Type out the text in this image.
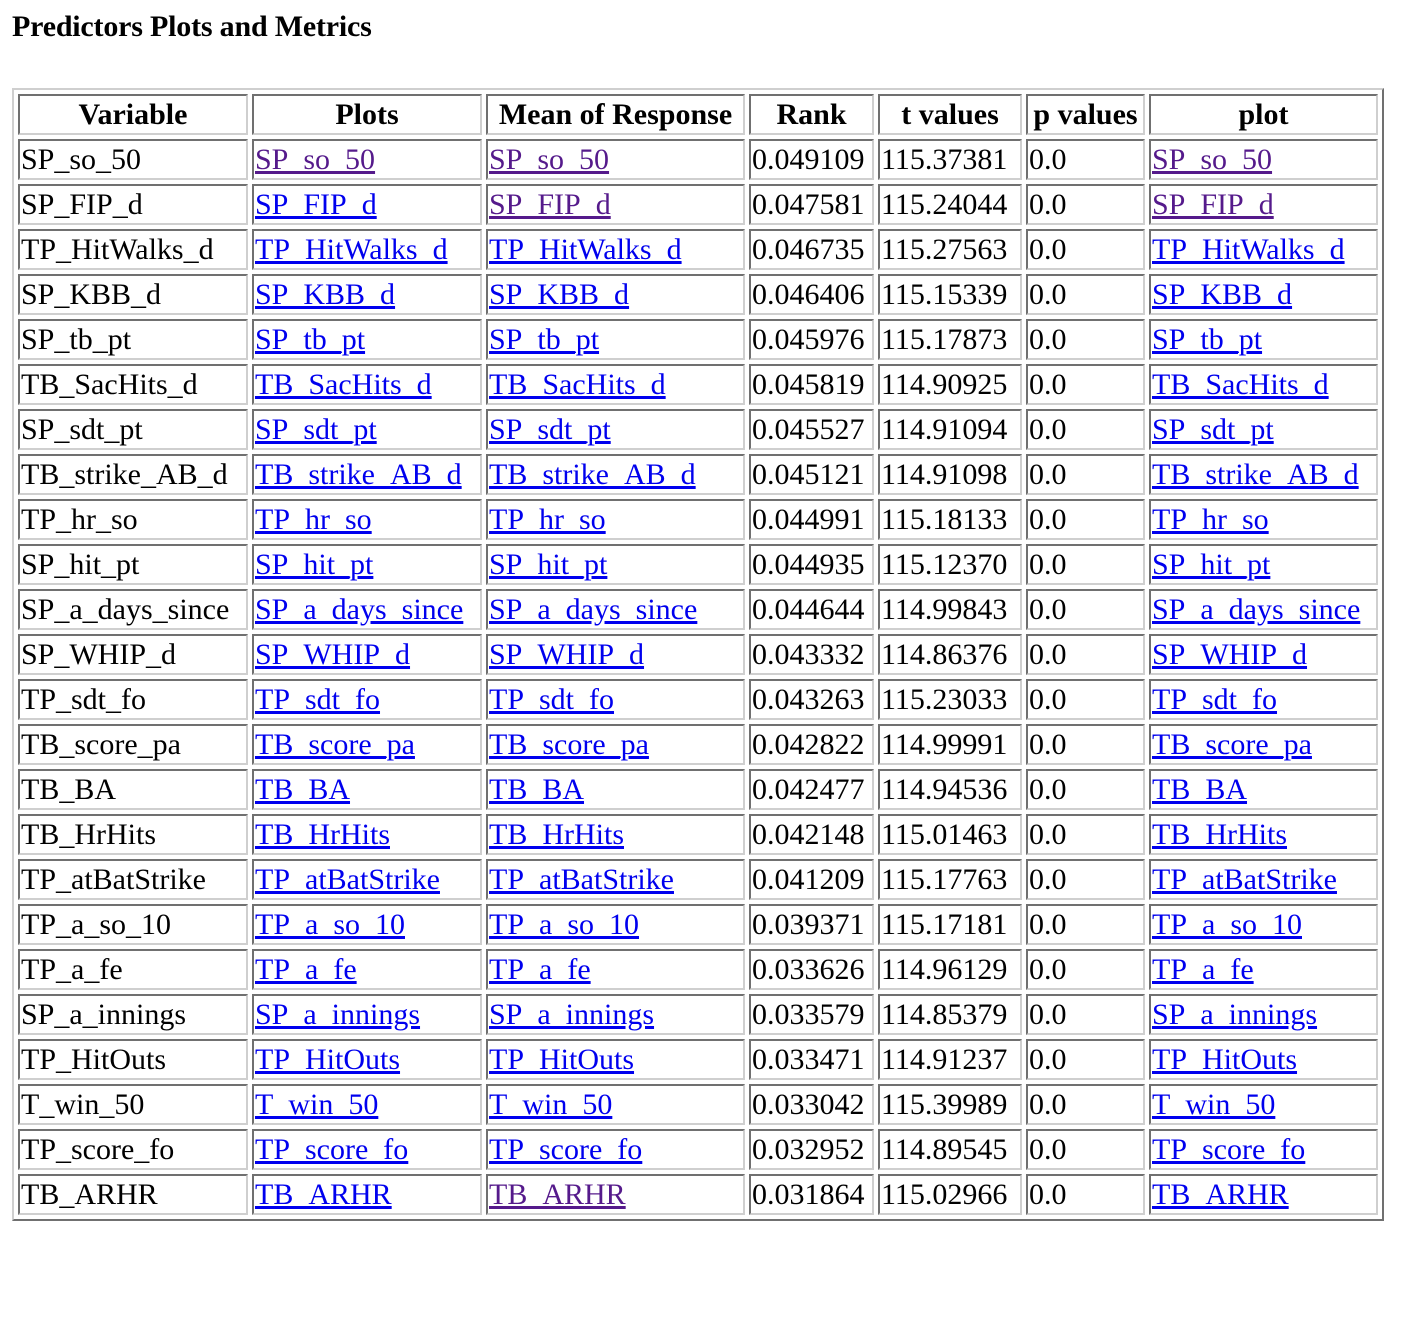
Predictors Plots and Metrics
Variable	Plots	Mean of Response	Rank	t values	p values	plot
SP_so_50	SP_so_50	SP_so_50	0.049109	115.37381	0.0	SP_so_50
SP_FIP_d	SP_FIP_d	SP_FIP_d	0.047581	115.24044	0.0	SP_FIP_d
TP_HitWalks_d	TP_HitWalks_d	TP_HitWalks_d	0.046735	115.27563	0.0	TP_HitWalks_d
SP_KBB_d	SP_KBB_d	SP_KBB_d	0.046406	115.15339	0.0	SP_KBB_d
SP_tb_pt	SP_tb_pt	SP_tb_pt	0.045976	115.17873	0.0	SP_tb_pt
TB_SacHits_d	TB_SacHits_d	TB_SacHits_d	0.045819	114.90925	0.0	TB_SacHits_d
SP_sdt_pt	SP_sdt_pt	SP_sdt_pt	0.045527	114.91094	0.0	SP_sdt_pt
TB_strike_AB_d	TB_strike_AB_d	TB_strike_AB_d	0.045121	114.91098	0.0	TB_strike_AB_d
TP_hr_so	TP_hr_so	TP_hr_so	0.044991	115.18133	0.0	TP_hr_so
SP_hit_pt	SP_hit_pt	SP_hit_pt	0.044935	115.12370	0.0	SP_hit_pt
SP_a_days_since	SP_a_days_since	SP_a_days_since	0.044644	114.99843	0.0	SP_a_days_since
SP_WHIP_d	SP_WHIP_d	SP_WHIP_d	0.043332	114.86376	0.0	SP_WHIP_d
TP_sdt_fo	TP_sdt_fo	TP_sdt_fo	0.043263	115.23033	0.0	TP_sdt_fo
TB_score_pa	TB_score_pa	TB_score_pa	0.042822	114.99991	0.0	TB_score_pa
TB_BA	TB_BA	TB_BA	0.042477	114.94536	0.0	TB_BA
TB_HrHits	TB_HrHits	TB_HrHits	0.042148	115.01463	0.0	TB_HrHits
TP_atBatStrike	TP_atBatStrike	TP_atBatStrike	0.041209	115.17763	0.0	TP_atBatStrike
TP_a_so_10	TP_a_so_10	TP_a_so_10	0.039371	115.17181	0.0	TP_a_so_10
TP_a_fe	TP_a_fe	TP_a_fe	0.033626	114.96129	0.0	TP_a_fe
SP_a_innings	SP_a_innings	SP_a_innings	0.033579	114.85379	0.0	SP_a_innings
TP_HitOuts	TP_HitOuts	TP_HitOuts	0.033471	114.91237	0.0	TP_HitOuts
T_win_50	T_win_50	T_win_50	0.033042	115.39989	0.0	T_win_50
TP_score_fo	TP_score_fo	TP_score_fo	0.032952	114.89545	0.0	TP_score_fo
TB_ARHR	TB_ARHR	TB_ARHR	0.031864	115.02966	0.0	TB_ARHR
